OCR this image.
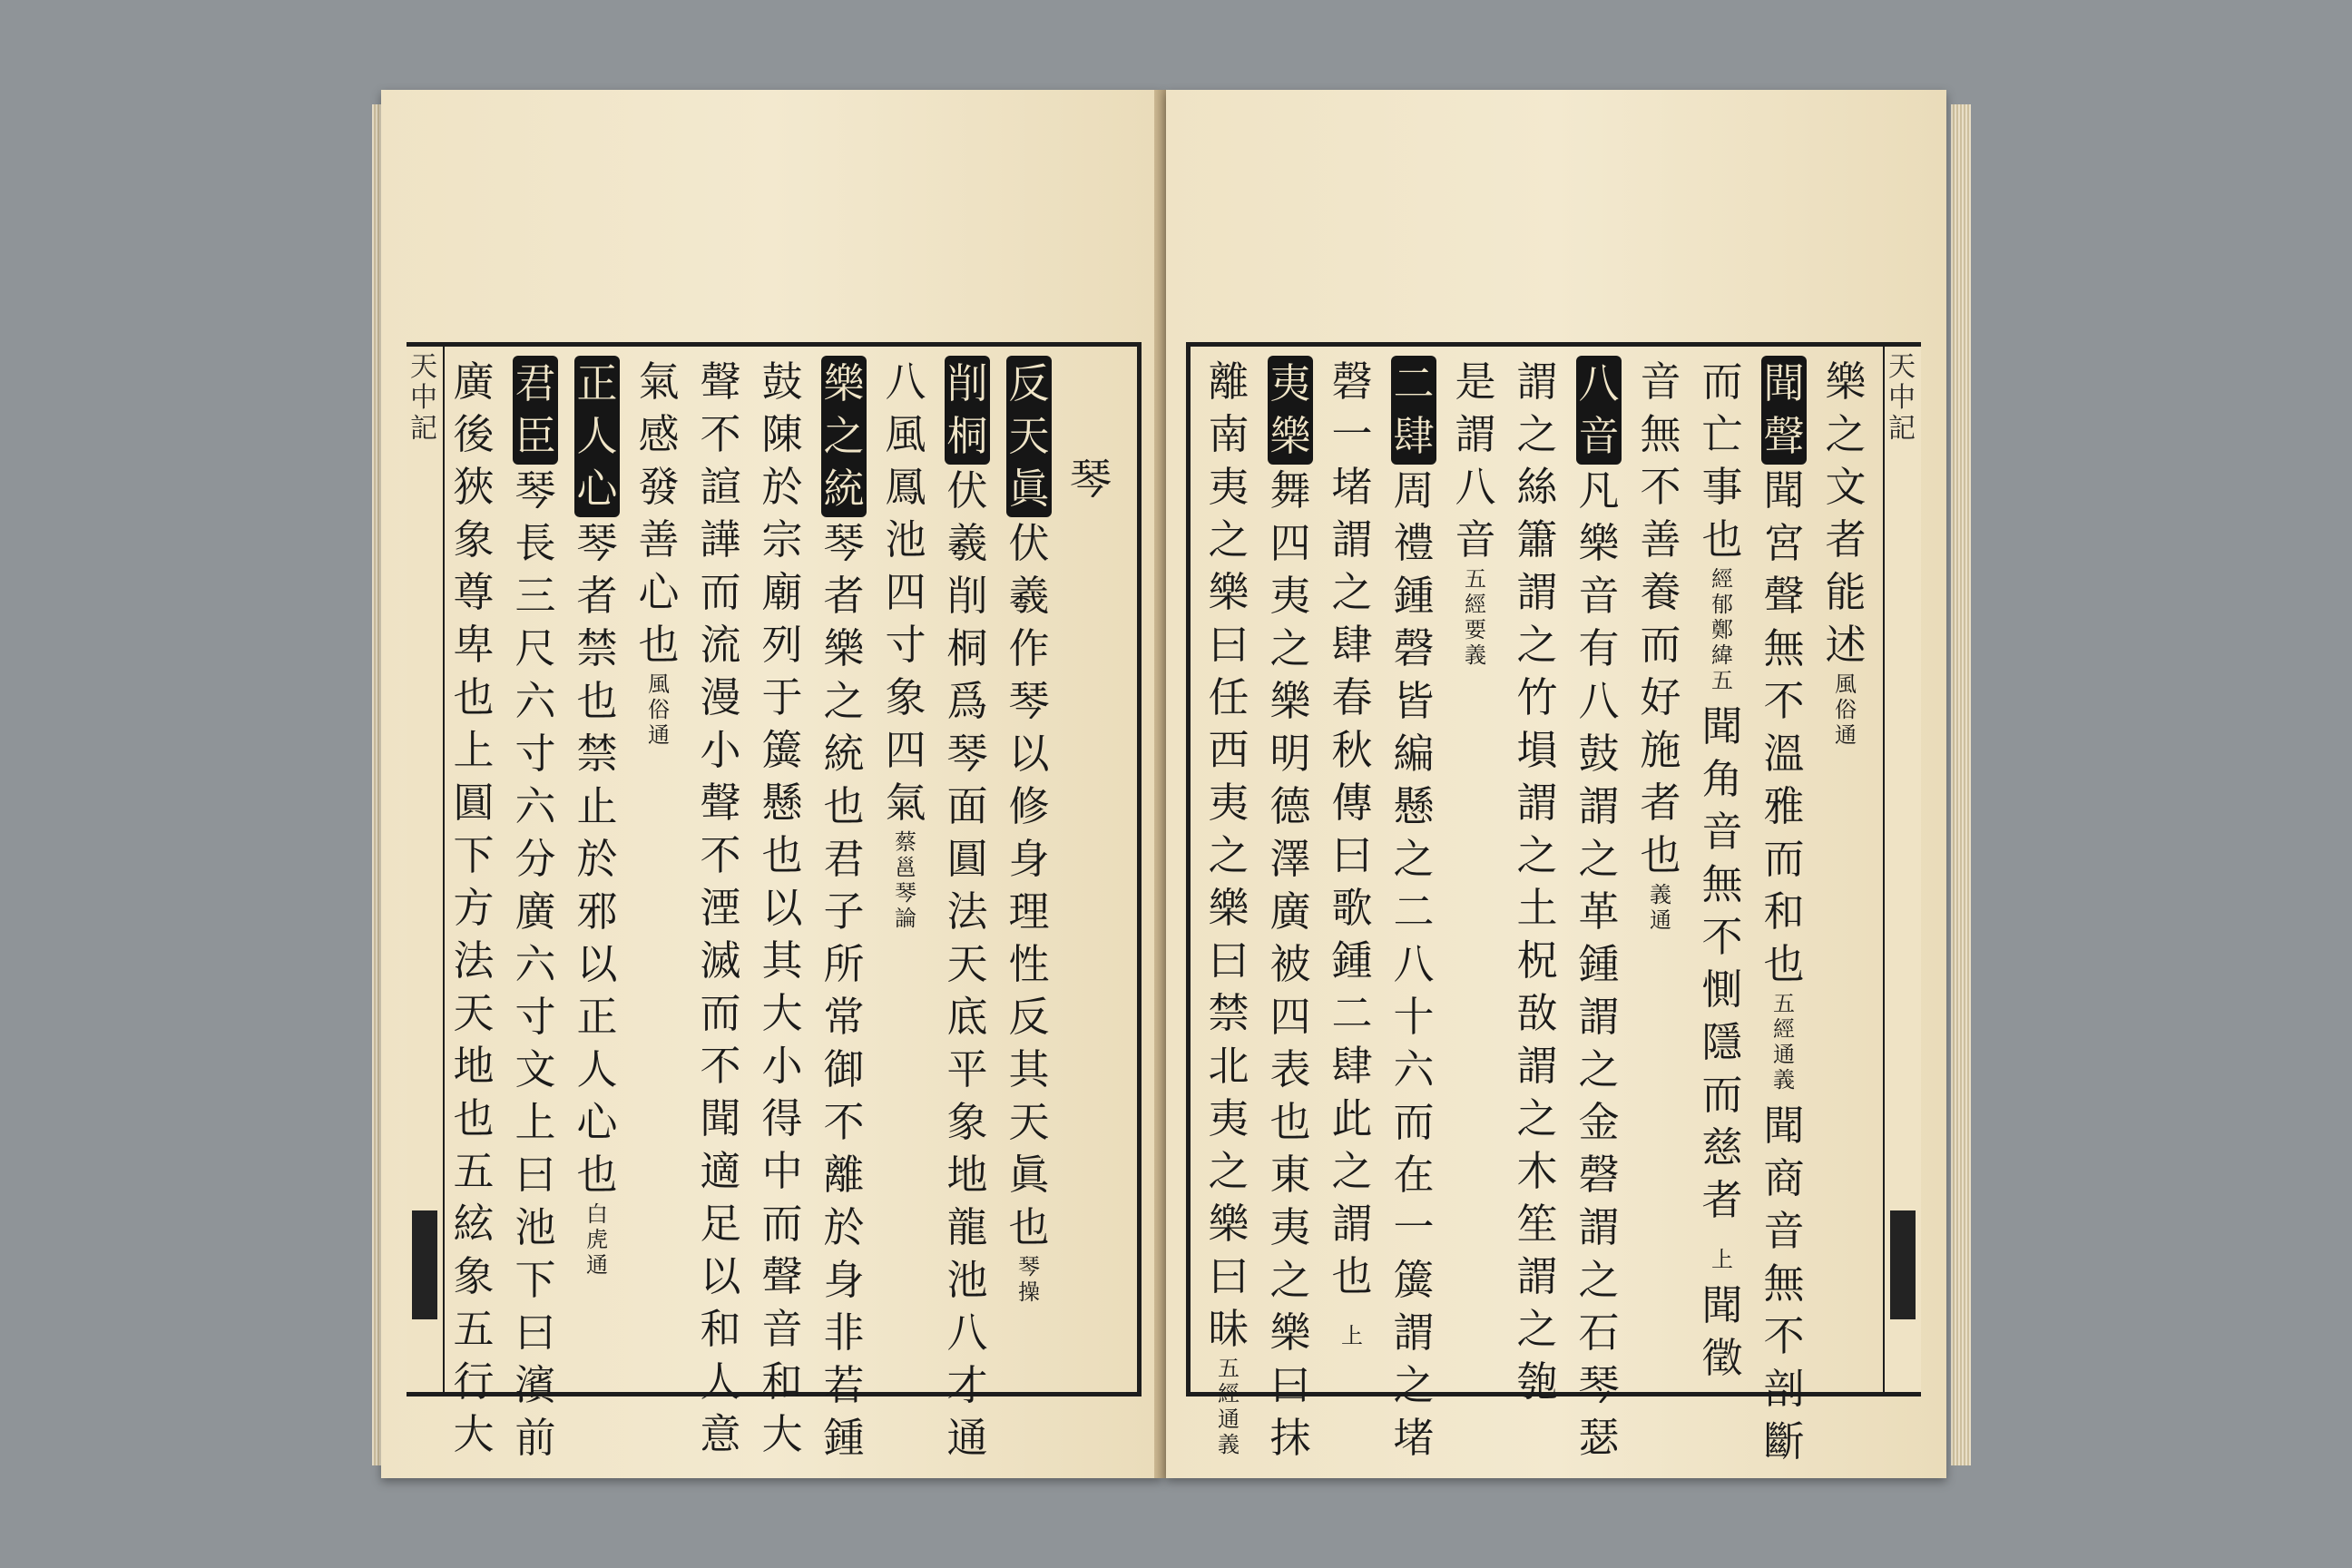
天中記
琴
反天
眞
伏羲作琴以修身理性反其天眞也琴操
削
桐
伏羲削桐爲琴面圓法天底平象地龍池八才通
八風鳳池四寸象四氣蔡邕琴論
樂之
統
琴者樂之統也君子所常御不離於身非若鍾
鼓陳於宗廟列于簴懸也以其大小得中而聲音和大
聲不諠譁而流漫小聲不湮滅而不聞適足以和人意
氣感發善心也風俗通
正人
心
琴者禁也禁止於邪以正人心也白虎通
君
臣
琴長三尺六寸六分廣六寸文上曰池下曰濱前
廣後狹象尊卑也上圓下方法天地也五絃象五行大
天中記
樂之文者能述風俗通
聞
聲
聞宮聲無不溫雅而和也五經通義聞商音無不剖斷
而亡事也經郁鄭緯五聞角音無不惻隱而慈者上聞徵
音無不善養而好施者也義通
八
音
凡樂音有八鼓謂之革鍾謂之金磬謂之石琴瑟
謂之絲簫謂之竹塤謂之土柷敔謂之木笙謂之匏
是謂八音五經要義
二
肆
周禮鍾磬皆編懸之二八十六而在一簴謂之堵
磬一堵謂之肆春秋傳曰歌鍾二肆此之謂也上
夷
樂
舞四夷之樂明德澤廣被四表也東夷之樂曰抹
離南夷之樂曰任西夷之樂曰禁北夷之樂曰昧五經通義
